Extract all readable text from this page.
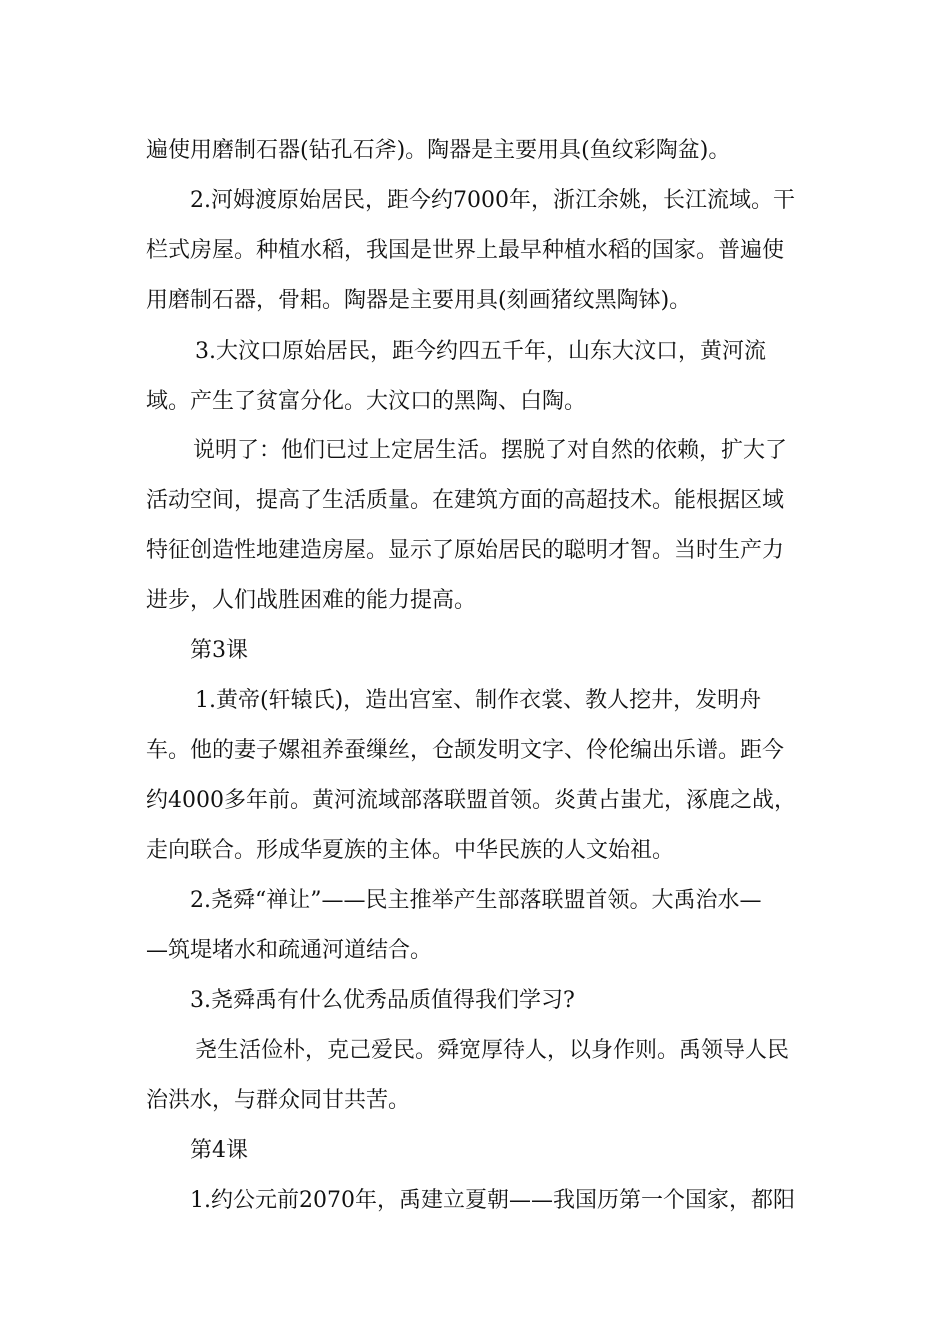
遍使用磨制石器(钻孔石斧)。陶器是主要用具(鱼纹彩陶盆)。
2.河姆渡原始居民，距今约7000年，浙江余姚，长江流域。干
栏式房屋。种植水稻，我国是世界上最早种植水稻的国家。普遍使
用磨制石器，骨耜。陶器是主要用具(刻画猪纹黑陶钵)。
3.大汶口原始居民，距今约四五千年，山东大汶口，黄河流
域。产生了贫富分化。大汶口的黑陶、白陶。
说明了：他们已过上定居生活。摆脱了对自然的依赖，扩大了
活动空间，提高了生活质量。在建筑方面的高超技术。能根据区域
特征创造性地建造房屋。显示了原始居民的聪明才智。当时生产力
进步，人们战胜困难的能力提高。
第3课
1.黄帝(轩辕氏)，造出宫室、制作衣裳、教人挖井，发明舟
车。他的妻子嫘祖养蚕缫丝，仓颉发明文字、伶伦编出乐谱。距今
约4000多年前。黄河流域部落联盟首领。炎黄占蚩尤，涿鹿之战，
走向联合。形成华夏族的主体。中华民族的人文始祖。
2.尧舜“禅让”——民主推举产生部落联盟首领。大禹治水—
—筑堤堵水和疏通河道结合。
3.尧舜禹有什么优秀品质值得我们学习?
尧生活俭朴，克己爱民。舜宽厚待人，以身作则。禹领导人民
治洪水，与群众同甘共苦。
第4课
1.约公元前2070年，禹建立夏朝——我国历第一个国家，都阳
